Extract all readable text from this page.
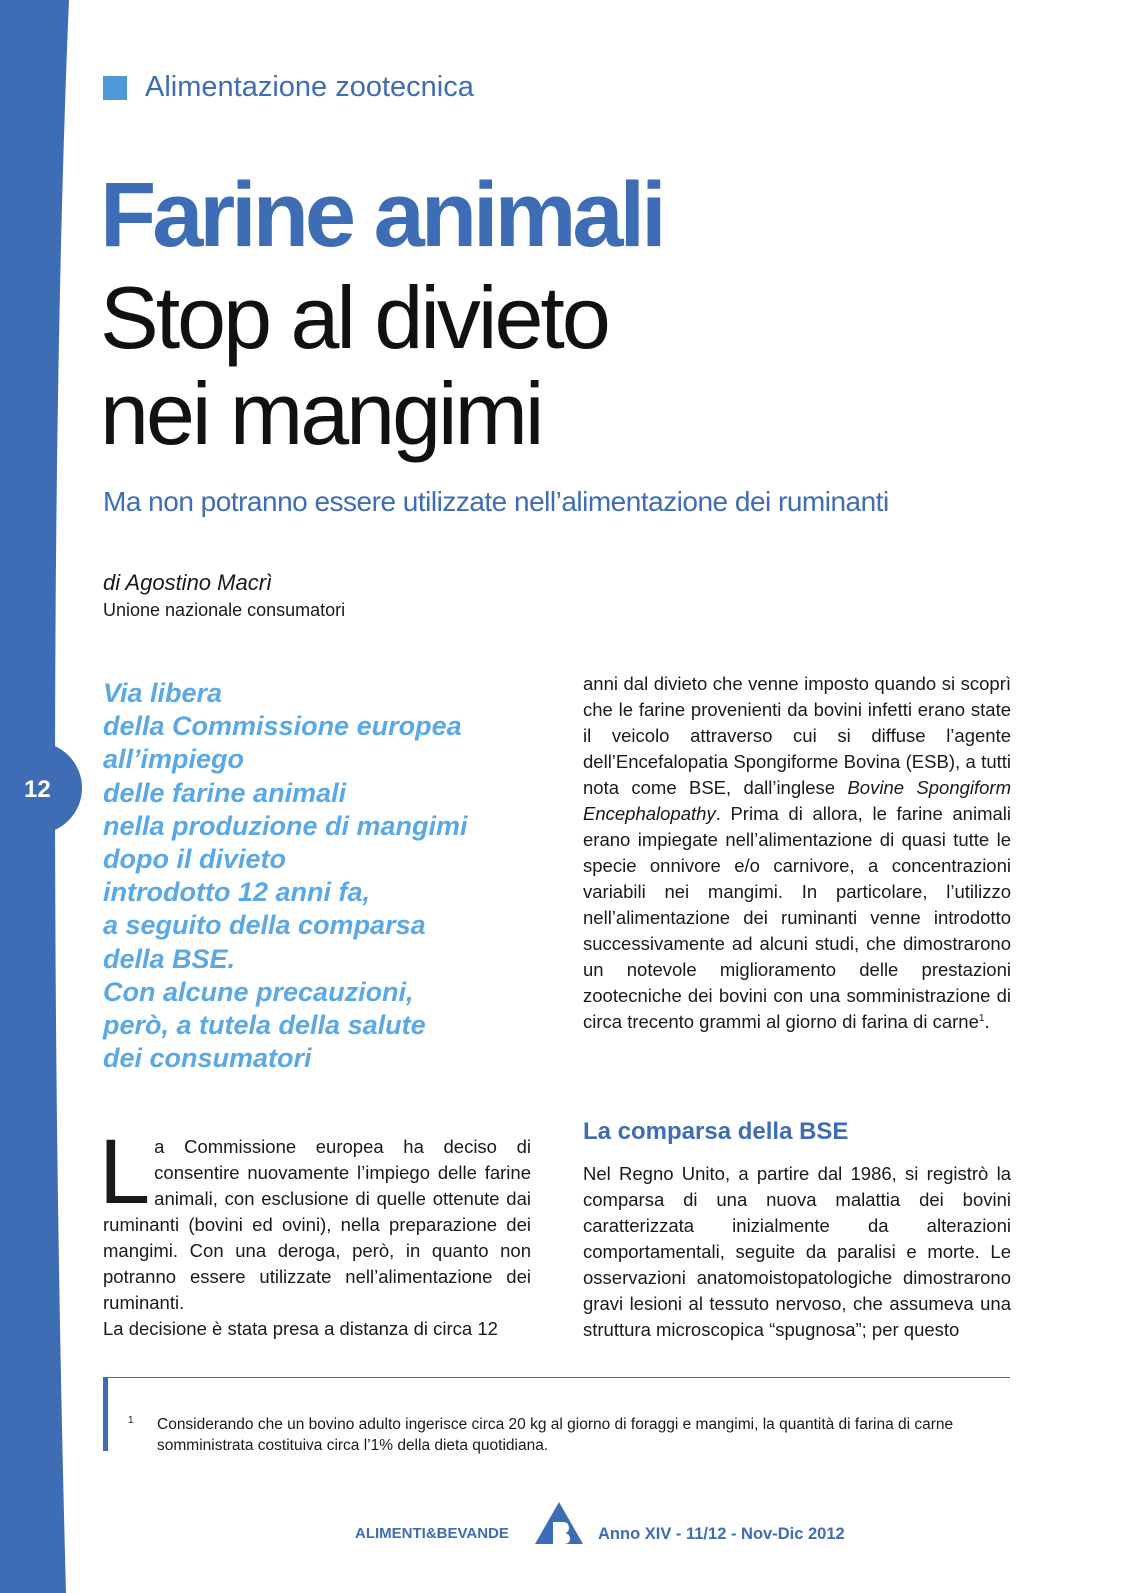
12
Alimentazione zootecnica
Farine animali
Stop al divieto
nei mangimi
Ma non potranno essere utilizzate nell’alimentazione dei ruminanti
di Agostino Macrì
Unione nazionale consumatori
Via libera
della Commissione europea
all’impiego
delle farine animali
nella produzione di mangimi
dopo il divieto
introdotto 12 anni fa,
a seguito della comparsa
della BSE.
Con alcune precauzioni,
però, a tutela della salute
dei consumatori

La Commissione europea ha deciso di consentire nuovamente l’impiego delle farine animali, con esclusione di quelle ottenute dai ruminanti (bovini ed ovini), nella preparazione dei mangimi. Con una deroga, però, in quanto non potranno essere utilizzate nell’alimentazione dei ruminanti.

La decisione è stata presa a distanza di circa 12

anni dal divieto che venne imposto quando si scoprì che le farine provenienti da bovini infetti erano state il veicolo attraverso cui si diffuse l’agente dell’Encefalopatia Spongiforme Bovina (ESB), a tutti nota come BSE, dall’inglese Bovine Spongiform Encephalopathy. Prima di allora, le farine animali erano impiegate nell’alimentazione di quasi tutte le specie onnivore e/o carnivore, a concentrazioni variabili nei mangimi. In particolare, l’utilizzo nell’alimentazione dei ruminanti venne introdotto successivamente ad alcuni studi, che dimostrarono un notevole miglioramento delle prestazioni zootecniche dei bovini con una somministrazione di circa trecento grammi al giorno di farina di carne$^1$.

La comparsa della BSE

Nel Regno Unito, a partire dal 1986, si registrò la comparsa di una nuova malattia dei bovini caratterizzata inizialmente da alterazioni comportamentali, seguite da paralisi e morte. Le osservazioni anatomoistopatologiche dimostrarono gravi lesioni al tessuto nervoso, che assumeva una struttura microscopica “spugnosa”; per questo

1 Considerando che un bovino adulto ingerisce circa 20 kg al giorno di foraggi e mangimi, la quantità di farina di carne somministrata costituiva circa l’1% della dieta quotidiana.
ALIMENTI&BEVANDE	Anno XIV - 11/12 - Nov-Dic 2012
